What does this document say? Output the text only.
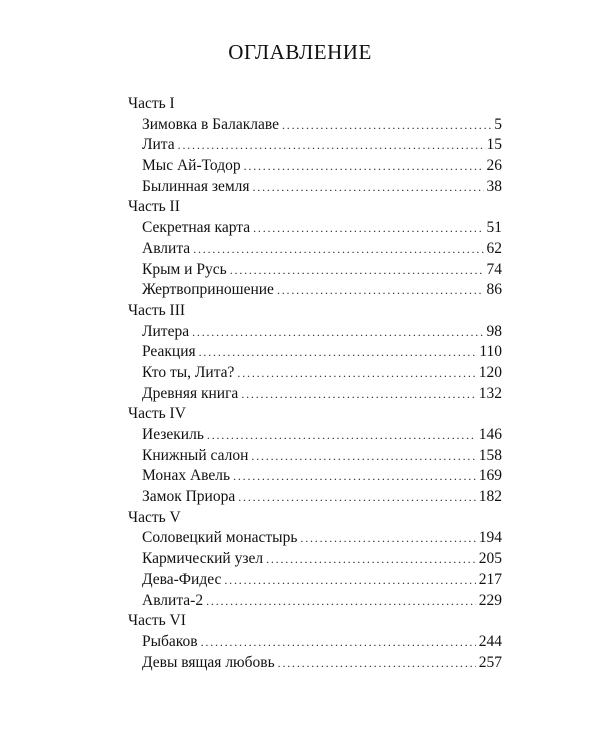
ОГЛАВЛЕНИЕ
Часть I
Зимовка в Балаклаве . . .	5
Лита . . .	15
Мыс Ай-Тодор . . .	26
Былинная земля . . .	38
Часть II
Секретная карта . . .	51
Авлита . . .	62
Крым и Русь . . .	74
Жертвоприношение . . .	86
Часть III
Литера . . .	98
Реакция . . .	110
Кто ты, Лита? . . .	120
Древняя книга . . .	132
Часть IV
Иезекиль . . .	146
Книжный салон . . .	158
Монах Авель . . .	169
Замок Приора . . .	182
Часть V
Соловецкий монастырь . . .	194
Кармический узел . . .	205
Дева-Фидес . . .	217
Авлита-2 . . .	229
Часть VI
Рыбаков . . .	244
Девы вящая любовь . . .	257
